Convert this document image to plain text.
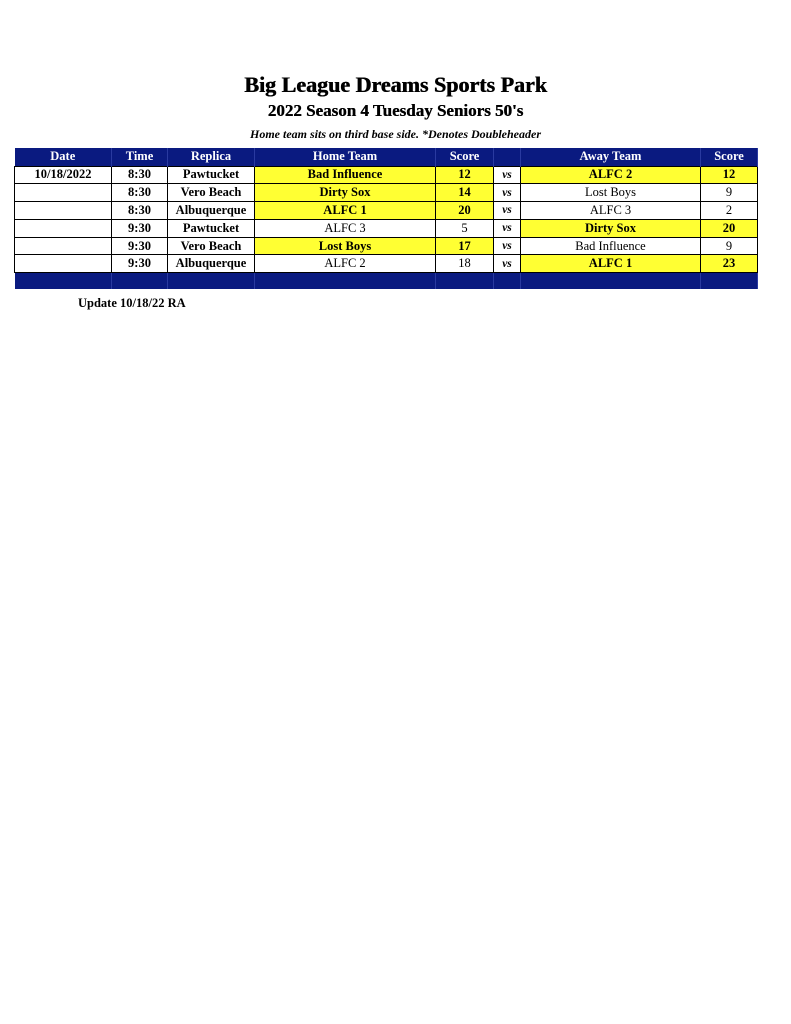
Big League Dreams Sports Park
2022 Season 4 Tuesday Seniors 50's
Home team sits on third base side. *Denotes Doubleheader
Date	Time	Replica	Home Team	Score		Away Team	Score
10/18/2022	8:30	Pawtucket	Bad Influence	12	vs	ALFC 2	12
	8:30	Vero Beach	Dirty Sox	14	vs	Lost Boys	9
	8:30	Albuquerque	ALFC 1	20	vs	ALFC 3	2
	9:30	Pawtucket	ALFC 3	5	vs	Dirty Sox	20
	9:30	Vero Beach	Lost Boys	17	vs	Bad Influence	9
	9:30	Albuquerque	ALFC 2	18	vs	ALFC 1	23

Update 10/18/22 RA
